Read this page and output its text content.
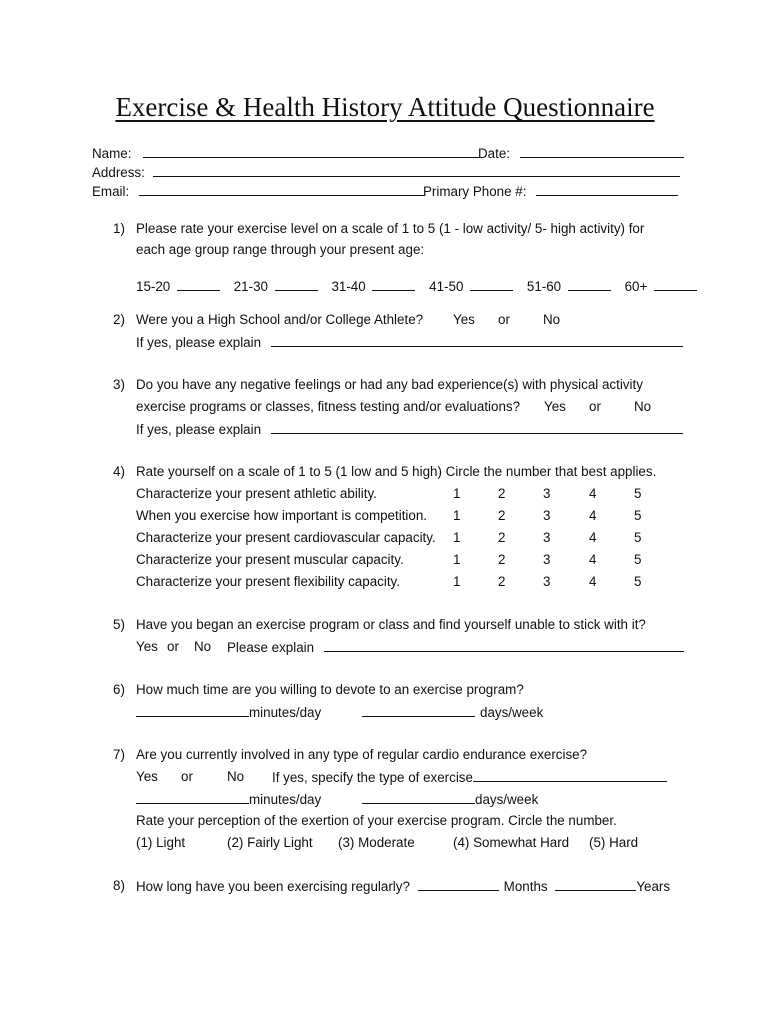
Exercise & Health History Attitude Questionnaire
Name:	Date:
Address:
Email:	Primary Phone #:
1) Please rate your exercise level on a scale of 1 to 5 (1 - low activity/ 5- high activity) for
each age group range through your present age:
15-20	21-30	31-40	41-50	51-60	60+
2) Were you a High School and/or College Athlete? Yes or No
If yes, please explain
3) Do you have any negative feelings or had any bad experience(s) with physical activity
exercise programs or classes, fitness testing and/or evaluations? Yes or No
If yes, please explain
4) Rate yourself on a scale of 1 to 5 (1 low and 5 high) Circle the number that best applies.
Characterize your present athletic ability.	1	2	3	4	5
When you exercise how important is competition. 1	2	3	4	5
Characterize your present cardiovascular capacity. 1	2	3	4	5
Characterize your present muscular capacity.	1	2	3	4	5
Characterize your present flexibility capacity.	1	2	3	4	5
5) Have you began an exercise program or class and find yourself unable to stick with it?
Yes or No Please explain
6) How much time are you willing to devote to an exercise program?
minutes/day	days/week
7) Are you currently involved in any type of regular cardio endurance exercise?
Yes or	No If yes, specify the type of exercise
minutes/day	days/week
Rate your perception of the exertion of your exercise program. Circle the number.
(1) Light	(2) Fairly Light (3) Moderate	(4) Somewhat Hard (5) Hard
8) How long have you been exercising regularly?	Months	Years
